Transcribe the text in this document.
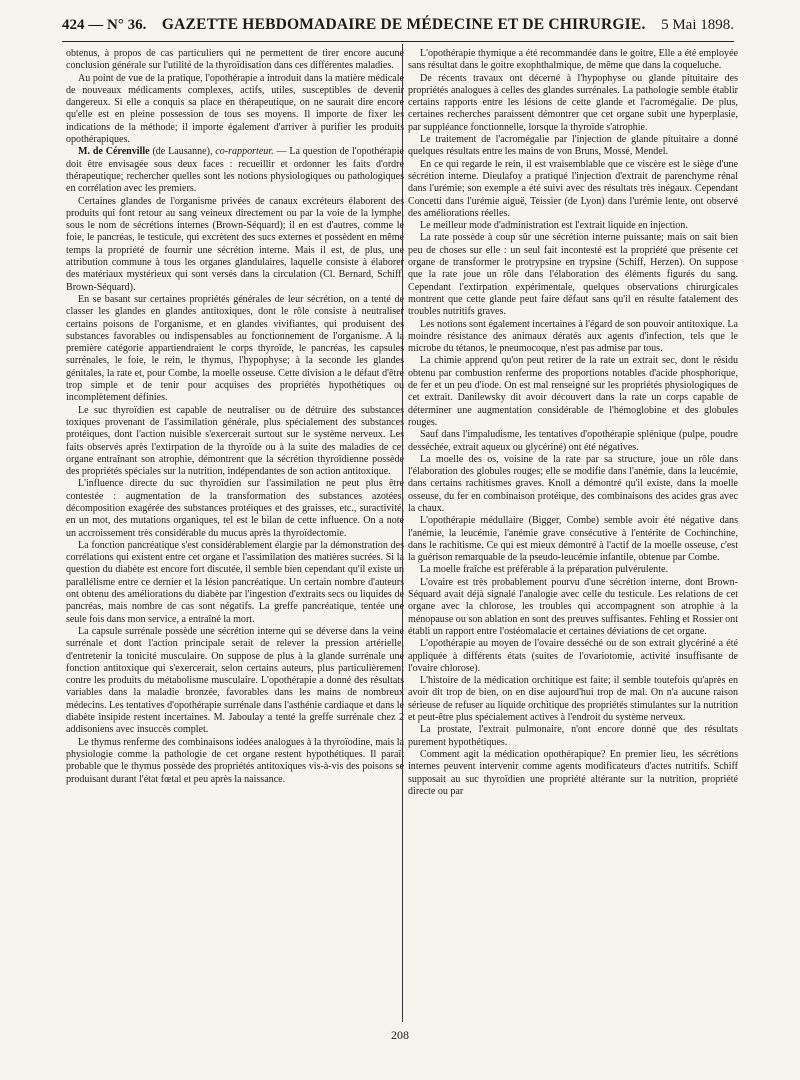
424 — N° 36. GAZETTE HEBDOMADAIRE DE MÉDECINE ET DE CHIRURGIE. 5 Mai 1898.

obtenus, à propos de cas particuliers qui ne permettent de tirer encore aucune conclusion générale sur l'utilité de la thyroïdisation dans ces différentes maladies.

Au point de vue de la pratique, l'opothérapie a introduit dans la matière médicale de nouveaux médicaments complexes, actifs, utiles, susceptibles de devenir dangereux. Si elle a conquis sa place en thérapeutique, on ne saurait dire encore qu'elle est en pleine possession de tous ses moyens. Il importe de fixer les indications de la méthode; il importe également d'arriver à purifier les produits opothérapiques.

M. de Cérenville (de Lausanne), co-rapporteur. — La question de l'opothérapie doit être envisagée sous deux faces : recueillir et ordonner les faits d'ordre thérapeutique; rechercher quelles sont les notions physiologiques ou pathologiques en corrélation avec les premiers.

Certaines glandes de l'organisme privées de canaux excréteurs élaborent des produits qui font retour au sang veineux directement ou par la voie de la lymphe, sous le nom de sécrétions internes (Brown-Séquard); il en est d'autres, comme le foie, le pancréas, le testicule, qui excrètent des sucs externes et possèdent en même temps la propriété de fournir une sécrétion interne. Mais il est, de plus, une attribution commune à tous les organes glandulaires, laquelle consiste à élaborer des matériaux mystérieux qui sont versés dans la circulation (Cl. Bernard, Schiff, Brown-Séquard).

En se basant sur certaines propriétés générales de leur sécrétion, on a tenté de classer les glandes en glandes antitoxiques, dont le rôle consiste à neutraliser certains poisons de l'organisme, et en glandes vivifiantes, qui produisent des substances favorables ou indispensables au fonctionnement de l'organisme. A la première catégorie appartiendraient le corps thyroïde, le pancréas, les capsules surrénales, le foie, le rein, le thymus, l'hypophyse; à la seconde les glandes génitales, la rate et, pour Combe, la moelle osseuse. Cette division a le défaut d'être trop simple et de tenir pour acquises des propriétés hypothétiques ou incomplètement définies.

Le suc thyroïdien est capable de neutraliser ou de détruire des substances toxiques provenant de l'assimilation générale, plus spécialement des substances protéiques, dont l'action nuisible s'exercerait surtout sur le système nerveux. Les faits observés après l'extirpation de la thyroïde ou à la suite des maladies de cet organe entraînant son atrophie, démontrent que la sécrétion thyroïdienne possède des propriétés spéciales sur la nutrition, indépendantes de son action antitoxique.

L'influence directe du suc thyroïdien sur l'assimilation ne peut plus être contestée : augmentation de la transformation des substances azotées, décomposition exagérée des substances protéiques et des graisses, etc., suractivité, en un mot, des mutations organiques, tel est le bilan de cette influence. On a noté un accroissement très considérable du mucus après la thyroïdectomie.

La fonction pancréatique s'est considérablement élargie par la démonstration des corrélations qui existent entre cet organe et l'assimilation des matières sucrées. Si la question du diabète est encore fort discutée, il semble bien cependant qu'il existe un parallélisme entre ce dernier et la lésion pancréatique. Un certain nombre d'auteurs ont obtenu des améliorations du diabète par l'ingestion d'extraits secs ou liquides de pancréas, mais nombre de cas sont négatifs. La greffe pancréatique, tentée une seule fois dans mon service, a entraîné la mort.

La capsule surrénale possède une sécrétion interne qui se déverse dans la veine surrénale et dont l'action principale serait de relever la pression artérielle, d'entretenir la tonicité musculaire. On suppose de plus à la glande surrénale une fonction antitoxique qui s'exercerait, selon certains auteurs, plus particulièrement contre les produits du métabolisme musculaire. L'opothérapie a donné des résultats variables dans la maladie bronzée, favorables dans les mains de nombreux médecins. Les tentatives d'opothérapie surrénale dans l'asthénie cardiaque et dans le diabète insipide restent incertaines. M. Jaboulay a tenté la greffe surrénale chez 2 addisoniens avec insuccès complet.

Le thymus renferme des combinaisons iodées analogues à la thyroïodine, mais la physiologie comme la pathologie de cet organe restent hypothétiques. Il paraît probable que le thymus possède des propriétés antitoxiques vis-à-vis des poisons se produisant durant l'état fœtal et peu après la naissance.

L'opothérapie thymique a été recommandée dans le goitre, Elle a été employée sans résultat dans le goitre exophthalmique, de même que dans la coqueluche.

De récents travaux ont décerné à l'hypophyse ou glande pituitaire des propriétés analogues à celles des glandes surrénales. La pathologie semble établir certains rapports entre les lésions de cette glande et l'acromégalie. De plus, certaines recherches paraissent démontrer que cet organe subit une hyperplasie, par suppléance fonctionnelle, lorsque la thyroïde s'atrophie.

Le traitement de l'acromégalie par l'injection de glande pituitaire a donné quelques résultats entre les mains de von Bruns, Mossé, Mendel.

En ce qui regarde le rein, il est vraisemblable que ce viscère est le siège d'une sécrétion interne. Dieulafoy a pratiqué l'injection d'extrait de parenchyme rénal dans l'urémie; son exemple a été suivi avec des résultats très inégaux. Cependant Concetti dans l'urémie aiguë, Teissier (de Lyon) dans l'urémie lente, ont observé des améliorations réelles.

Le meilleur mode d'administration est l'extrait liquide en injection.

La rate possède à coup sûr une sécrétion interne puissante; mais on sait bien peu de choses sur elle : un seul fait incontesté est la propriété que présente cet organe de transformer le protrypsine en trypsine (Schiff, Herzen). On suppose que la rate joue un rôle dans l'élaboration des éléments figurés du sang. Cependant l'extirpation expérimentale, quelques observations chirurgicales montrent que cette glande peut faire défaut sans qu'il en résulte fatalement des troubles nutritifs graves.

Les notions sont également incertaines à l'égard de son pouvoir antitoxique. La moindre résistance des animaux dératés aux agents d'infection, tels que le microbe du tétanos, le pneumocoque, n'est pas admise par tous.

La chimie apprend qu'on peut retirer de la rate un extrait sec, dont le résidu obtenu par combustion renferme des proportions notables d'acide phosphorique, de fer et un peu d'iode. On est mal renseigné sur les propriétés physiologiques de cet extrait. Danilewsky dit avoir découvert dans la rate un corps capable de déterminer une augmentation considérable de l'hémoglobine et des globules rouges.

Sauf dans l'impaludisme, les tentatives d'opothérapie splénique (pulpe, poudre desséchée, extrait aqueux ou glycériné) ont été négatives.

La moelle des os, voisine de la rate par sa structure, joue un rôle dans l'élaboration des globules rouges; elle se modifie dans l'anémie, dans la leucémie, dans certains rachitismes graves. Knoll a démontré qu'il existe, dans la moelle osseuse, du fer en combinaison protéique, des combinaisons des acides gras avec la chaux.

L'opothérapie médullaire (Bigger, Combe) semble avoir été négative dans l'anémie, la leucémie, l'anémie grave consécutive à l'entérite de Cochinchine, dans le rachitisme. Ce qui est mieux démontré à l'actif de la moelle osseuse, c'est la guérison remarquable de la pseudo-leucémie infantile, obtenue par Combe.

La moelle fraîche est préférable à la préparation pulvérulente.

L'ovaire est très probablement pourvu d'une sécrétion interne, dont Brown-Séquard avait déjà signalé l'analogie avec celle du testicule. Les relations de cet organe avec la chlorose, les troubles qui accompagnent son atrophie à la ménopause ou son ablation en sont des preuves suffisantes. Fehling et Rossier ont établi un rapport entre l'ostéomalacie et certaines déviations de cet organe.

L'opothérapie au moyen de l'ovaire desséché ou de son extrait glycériné a été appliquée à différents états (suites de l'ovariotomie, activité insuffisante de l'ovaire chlorose).

L'histoire de la médication orchitique est faite; il semble toutefois qu'après en avoir dit trop de bien, on en dise aujourd'hui trop de mal. On n'a aucune raison sérieuse de refuser au liquide orchitique des propriétés stimulantes sur la nutrition et peut-être plus spécialement actives à l'endroit du système nerveux.

La prostate, l'extrait pulmonaire, n'ont encore donné que des résultats purement hypothétiques.

Comment agit la médication opothérapique? En premier lieu, les sécrétions internes peuvent intervenir comme agents modificateurs d'actes nutritifs. Schiff supposait au suc thyroïdien une propriété altérante sur la nutrition, propriété directe ou par

208
